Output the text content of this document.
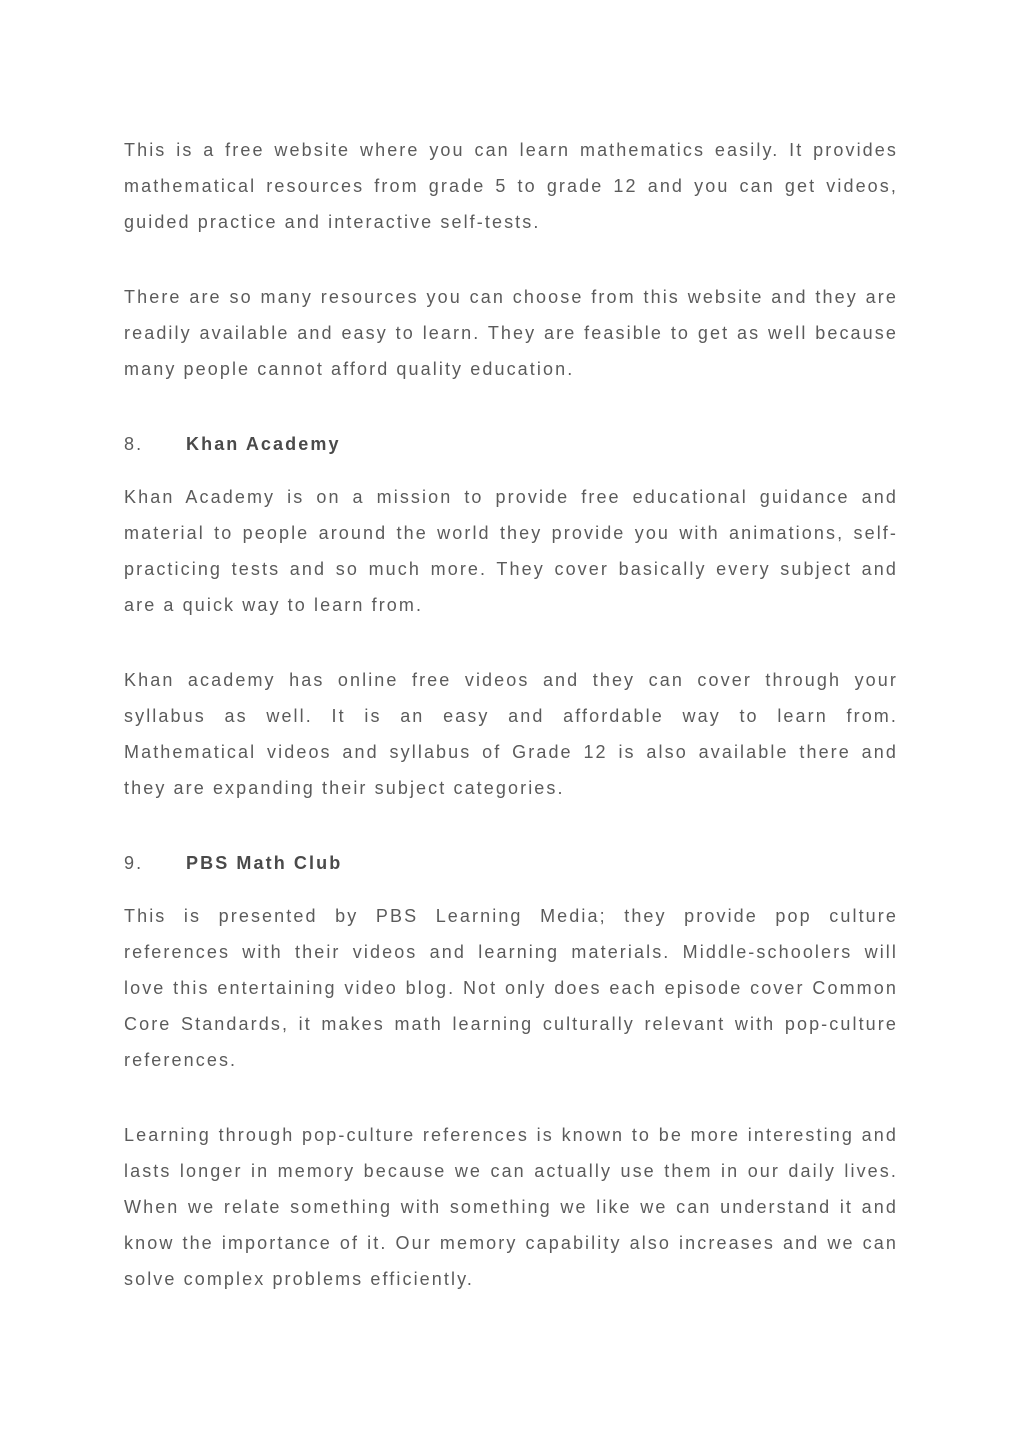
This is a free website where you can learn mathematics easily. It provides mathematical resources from grade 5 to grade 12 and you can get videos, guided practice and interactive self-tests.

There are so many resources you can choose from this website and they are readily available and easy to learn. They are feasible to get as well because many people cannot afford quality education.

8.	Khan Academy

Khan Academy is on a mission to provide free educational guidance and material to people around the world they provide you with animations, self-practicing tests and so much more. They cover basically every subject and are a quick way to learn from.

Khan academy has online free videos and they can cover through your syllabus as well. It is an easy and affordable way to learn from. Mathematical videos and syllabus of Grade 12 is also available there and they are expanding their subject categories.

9.	PBS Math Club

This is presented by PBS Learning Media; they provide pop culture references with their videos and learning materials. Middle-schoolers will love this entertaining video blog. Not only does each episode cover Common Core Standards, it makes math learning culturally relevant with pop-culture references.

Learning through pop-culture references is known to be more interesting and lasts longer in memory because we can actually use them in our daily lives. When we relate something with something we like we can understand it and know the importance of it. Our memory capability also increases and we can solve complex problems efficiently.
